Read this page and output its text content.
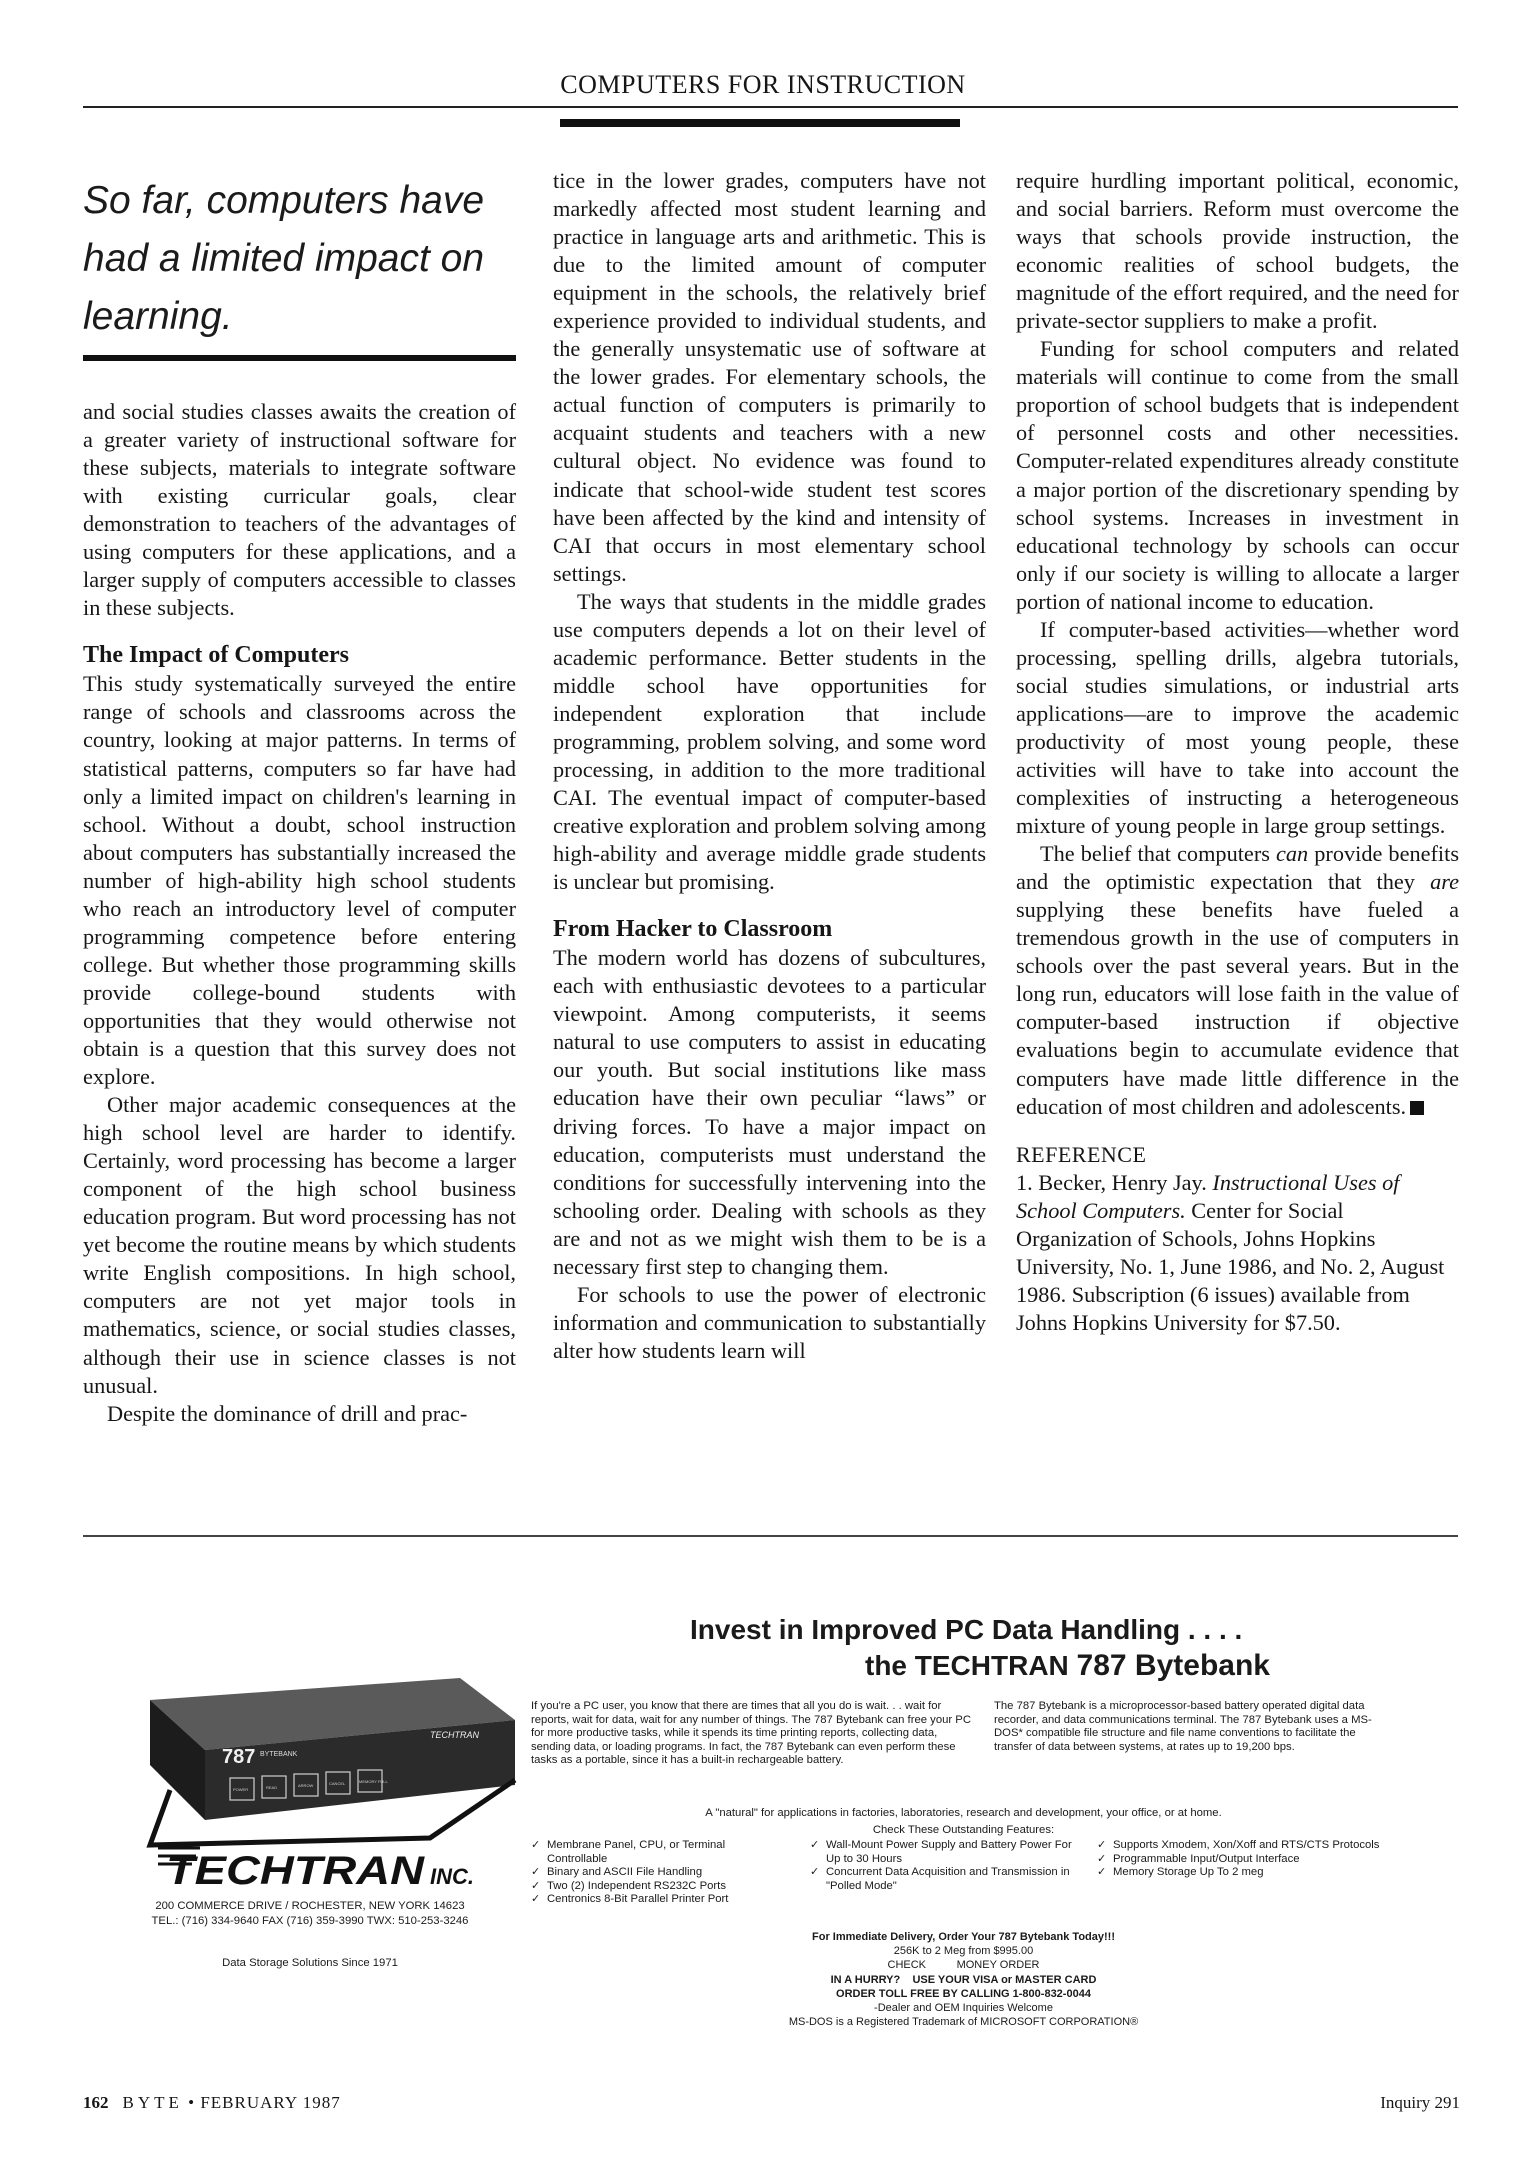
COMPUTERS FOR INSTRUCTION
So far, computers have had a limited impact on learning.

and social studies classes awaits the creation of a greater variety of instructional software for these subjects, materials to integrate software with existing curricular goals, clear demonstration to teachers of the advantages of using computers for these applications, and a larger supply of computers accessible to classes in these subjects.

The Impact of Computers

This study systematically surveyed the entire range of schools and classrooms across the country, looking at major patterns. In terms of statistical patterns, computers so far have had only a limited impact on children's learning in school. Without a doubt, school instruction about computers has substantially increased the number of high-ability high school students who reach an introductory level of computer programming competence before entering college. But whether those programming skills provide college-bound students with opportunities that they would otherwise not obtain is a question that this survey does not explore.

Other major academic consequences at the high school level are harder to identify. Certainly, word processing has become a larger component of the high school business education program. But word processing has not yet become the routine means by which students write English compositions. In high school, computers are not yet major tools in mathematics, science, or social studies classes, although their use in science classes is not unusual.

Despite the dominance of drill and prac-

tice in the lower grades, computers have not markedly affected most student learning and practice in language arts and arithmetic. This is due to the limited amount of computer equipment in the schools, the relatively brief experience provided to individual students, and the generally unsystematic use of software at the lower grades. For elementary schools, the actual function of computers is primarily to acquaint students and teachers with a new cultural object. No evidence was found to indicate that school-wide student test scores have been affected by the kind and intensity of CAI that occurs in most elementary school settings.

The ways that students in the middle grades use computers depends a lot on their level of academic performance. Better students in the middle school have opportunities for independent exploration that include programming, problem solving, and some word processing, in addition to the more traditional CAI. The eventual impact of computer-based creative exploration and problem solving among high-ability and average middle grade students is unclear but promising.

From Hacker to Classroom

The modern world has dozens of subcultures, each with enthusiastic devotees to a particular viewpoint. Among computerists, it seems natural to use computers to assist in educating our youth. But social institutions like mass education have their own peculiar “laws” or driving forces. To have a major impact on education, computerists must understand the conditions for successfully intervening into the schooling order. Dealing with schools as they are and not as we might wish them to be is a necessary first step to changing them.

For schools to use the power of electronic information and communication to substantially alter how students learn will

require hurdling important political, economic, and social barriers. Reform must overcome the ways that schools provide instruction, the economic realities of school budgets, the magnitude of the effort required, and the need for private-sector suppliers to make a profit.

Funding for school computers and related materials will continue to come from the small proportion of school budgets that is independent of personnel costs and other necessities. Computer-related expenditures already constitute a major portion of the discretionary spending by school systems. Increases in investment in educational technology by schools can occur only if our society is willing to allocate a larger portion of national income to education.

If computer-based activities—whether word processing, spelling drills, algebra tutorials, social studies simulations, or industrial arts applications—are to improve the academic productivity of most young people, these activities will have to take into account the complexities of instructing a heterogeneous mixture of young people in large group settings.

The belief that computers can provide benefits and the optimistic expectation that they are supplying these benefits have fueled a tremendous growth in the use of computers in schools over the past several years. But in the long run, educators will lose faith in the value of computer-based instruction if objective evaluations begin to accumulate evidence that computers have made little difference in the education of most children and adolescents.

REFERENCE

1. Becker, Henry Jay. Instructional Uses of School Computers. Center for Social Organization of Schools, Johns Hopkins University, No. 1, June 1986, and No. 2, August 1986. Subscription (6 issues) available from Johns Hopkins University for $7.50.

787 BYTEBANK
TECHTRAN
POWER	READ	ARROW	CANCEL	MEMORY FULL
TECHTRAN INC.
200 COMMERCE DRIVE / ROCHESTER, NEW YORK 14623
TEL.: (716) 334-9640 FAX (716) 359-3990 TWX: 510-253-3246
Data Storage Solutions Since 1971
Invest in Improved PC Data Handling . . . .
the TECHTRAN 787 Bytebank
If you're a PC user, you know that there are times that all you do is wait. . . wait for reports, wait for data, wait for any number of things. The 787 Bytebank can free your PC for more productive tasks, while it spends its time printing reports, collecting data, sending data, or loading programs. In fact, the 787 Bytebank can even perform these tasks as a portable, since it has a built-in rechargeable battery.
The 787 Bytebank is a microprocessor-based battery operated digital data recorder, and data communications terminal. The 787 Bytebank uses a MS-DOS* compatible file structure and file name conventions to facilitate the transfer of data between systems, at rates up to 19,200 bps.
A "natural" for applications in factories, laboratories, research and development, your office, or at home.
Check These Outstanding Features:
✓ Membrane Panel, CPU, or Terminal Controllable
✓ Binary and ASCII File Handling
✓ Two (2) Independent RS232C Ports
✓ Centronics 8-Bit Parallel Printer Port
✓ Wall-Mount Power Supply and Battery Power For Up to 30 Hours
✓ Concurrent Data Acquisition and Transmission in "Polled Mode"
✓ Supports Xmodem, Xon/Xoff and RTS/CTS Protocols
✓ Programmable Input/Output Interface
✓ Memory Storage Up To 2 meg
For Immediate Delivery, Order Your 787 Bytebank Today!!!
256K to 2 Meg from $995.00
CHECK          MONEY ORDER
IN A HURRY?    USE YOUR VISA or MASTER CARD
ORDER TOLL FREE BY CALLING 1-800-832-0044
-Dealer and OEM Inquiries Welcome
MS-DOS is a Registered Trademark of MICROSOFT CORPORATION®
162 BYTE • FEBRUARY 1987	Inquiry 291
